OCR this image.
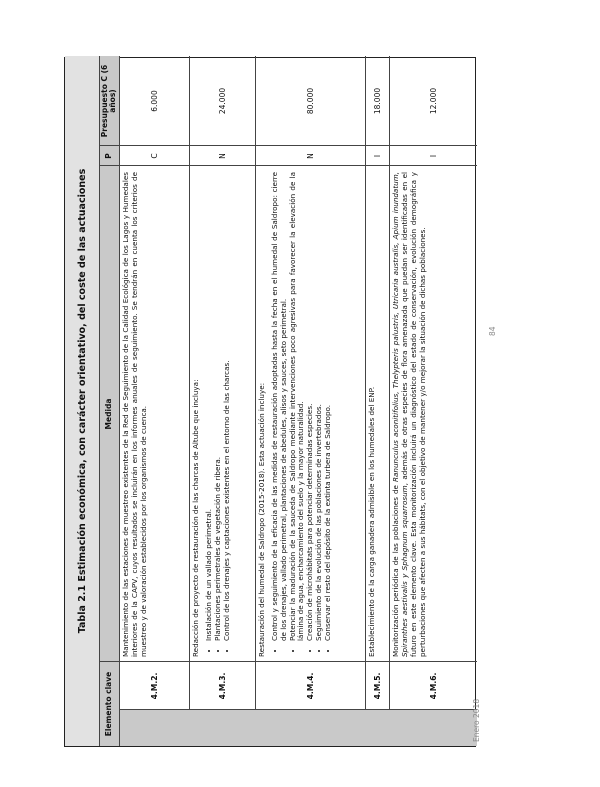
Tabla 2.1 Estimación económica, con carácter orientativo, del coste de las actuaciones
Elemento clave
Medida
P
Presupuesto C (6 años)
4.M.2.
Mantenimiento de las estaciones de muestreo existentes de la Red de Seguimiento de la Calidad Ecológica de los Lagos y Humedales interiores de la CAPV, cuyos resultados se incluirán en los informes anuales de seguimiento. Se tendrán en cuenta los criterios de muestreo y de valoración establecidos por los organismos de cuenca.
C
6.000
4.M.3.
Redacción de proyecto de restauración de las charcas de Altube que incluya: • Instalación de un vallado perimetral. • Plantaciones perimetrales de vegetación de ribera. • Control de los drenajes y captaciones existentes en el entorno de las charcas.
N
24.000
4.M.4.
Restauración del humedal de Saldropo (2015-2018). Esta actuación incluye: • Control y seguimiento de la eficacia de las medidas de restauración adoptadas hasta la fecha en el humedal de Saldropo: cierre de los drenajes, vallado perimetral, plantaciones de abedules, alisos y sauces, seto perimetral. • Potenciar la maduración de la sauceda de Saldropo mediante intervenciones poco agresivas para favorecer la elevación de la lámina de agua, encharcamiento del suelo y la mayor naturalidad. • Creación de microhábitats para potenciar determinadas especies. • Seguimiento de la evolución de las poblaciones de invertebrados. • Conservar el resto del depósito de la extinta turbera de Saldropo.
N
80.000
4.M.5.
Establecimiento de la carga ganadera admisible en los humedales del ENP.
I
18.000
4.M.6.
Monitorización periódica de las poblaciones de Ranunculus aconitifolius, Thelypteris palustris, Utricaria australis, Apium inundatum, Spiranthes aestivalis y Sphagnum squarrosum, además de otras especies de flora amenazada que puedan ser identificadas en el futuro en este elemento clave. Esta monitorización incluirá un diagnóstico del estado de conservación, evolución demográfica y perturbaciones que afecten a sus hábitats, con el objetivo de mantener y/o mejorar la situación de dichas poblaciones.
I
12.000
84
Enero 2018
